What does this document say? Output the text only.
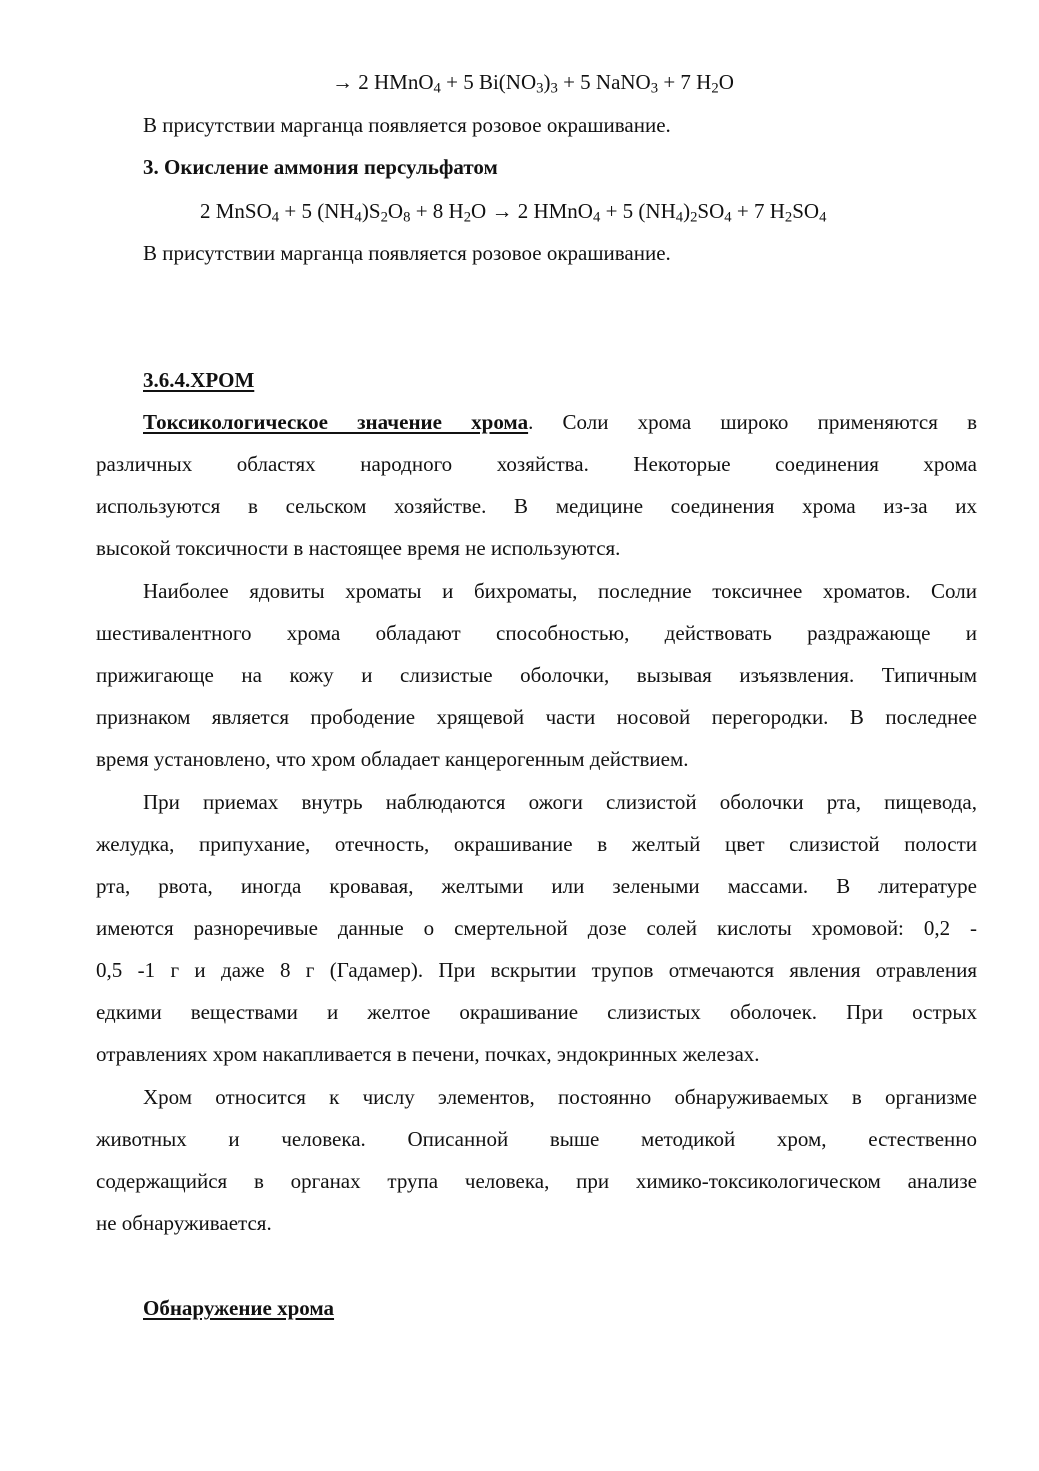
→ 2 HMnO$_4$ + 5 $Bi(NO_3)_3 + 5$ NaNO$_3$ + 7 $H_2O$
В присутствии марганца появляется розовое окрашивание.
3. Окисление аммония персульфатом
2 MnSO$_4$ + 5 $(NH_4)S_2O_8 + 8$ $H_2O \to 2$ HMnO$_4$ + 5 $(NH_4)_2SO_4 + 7$ $H_2SO_4$
В присутствии марганца появляется розовое окрашивание.
3.6.4.ХРОМ
Токсикологическое значение хрома. Соли хрома широко применяются в
различных областях народного хозяйства. Некоторые соединения хрома
используются в сельском хозяйстве. В медицине соединения хрома из-за их
высокой токсичности в настоящее время не используются.
Наиболее ядовиты хроматы и бихроматы, последние токсичнее хроматов. Соли
шестивалентного хрома обладают способностью, действовать раздражающе и
прижигающе на кожу и слизистые оболочки, вызывая изъязвления. Типичным
признаком является прободение хрящевой части носовой перегородки. В последнее
время установлено, что хром обладает канцерогенным действием.
При приемах внутрь наблюдаются ожоги слизистой оболочки рта, пищевода,
желудка, припухание, отечность, окрашивание в желтый цвет слизистой полости
рта, рвота, иногда кровавая, желтыми или зелеными массами. В литературе
имеются разноречивые данные о смертельной дозе солей кислоты хромовой: 0,2 -
0,5 -1 г и даже 8 г (Гадамер). При вскрытии трупов отмечаются явления отравления
едкими веществами и желтое окрашивание слизистых оболочек. При острых
отравлениях хром накапливается в печени, почках, эндокринных железах.
Хром относится к числу элементов, постоянно обнаруживаемых в организме
животных и человека. Описанной выше методикой хром, естественно
содержащийся в органах трупа человека, при химико-токсикологическом анализе
не обнаруживается.
Обнаружение хрома
